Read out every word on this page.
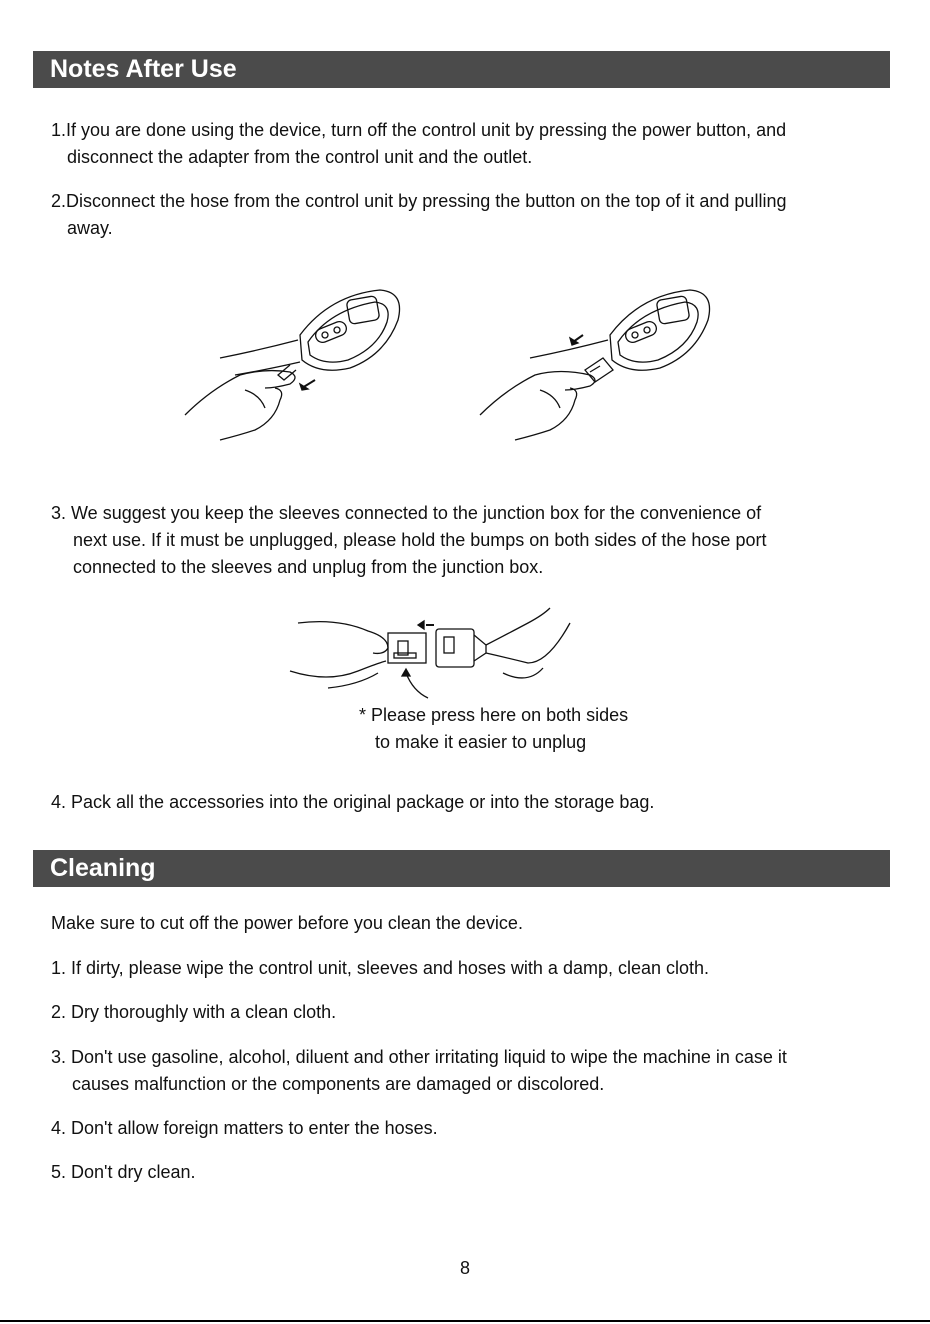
Notes After Use

1.If you are done using the device, turn off the control unit by pressing the power button, and
disconnect the adapter from the control unit and the outlet.

2.Disconnect the hose from the control unit by pressing the button on the top of it and pulling
away.

3. We suggest you keep the sleeves connected to the junction box for the convenience of
next use. If it must be unplugged, please hold the bumps on both sides of the hose port
connected to the sleeves and unplug from the junction box.

* Please press here on both sides
to make it easier to unplug

4. Pack all the accessories into the original package or into the storage bag.

Cleaning

Make sure to cut off the power before you clean the device.

1. If dirty, please wipe the control unit, sleeves and hoses with a damp, clean cloth.

2. Dry thoroughly with a clean cloth.

3. Don't use gasoline, alcohol, diluent and other irritating liquid to wipe the machine in case it
causes malfunction or the components are damaged or discolored.

4. Don't allow foreign matters to enter the hoses.

5. Don't dry clean.

8
